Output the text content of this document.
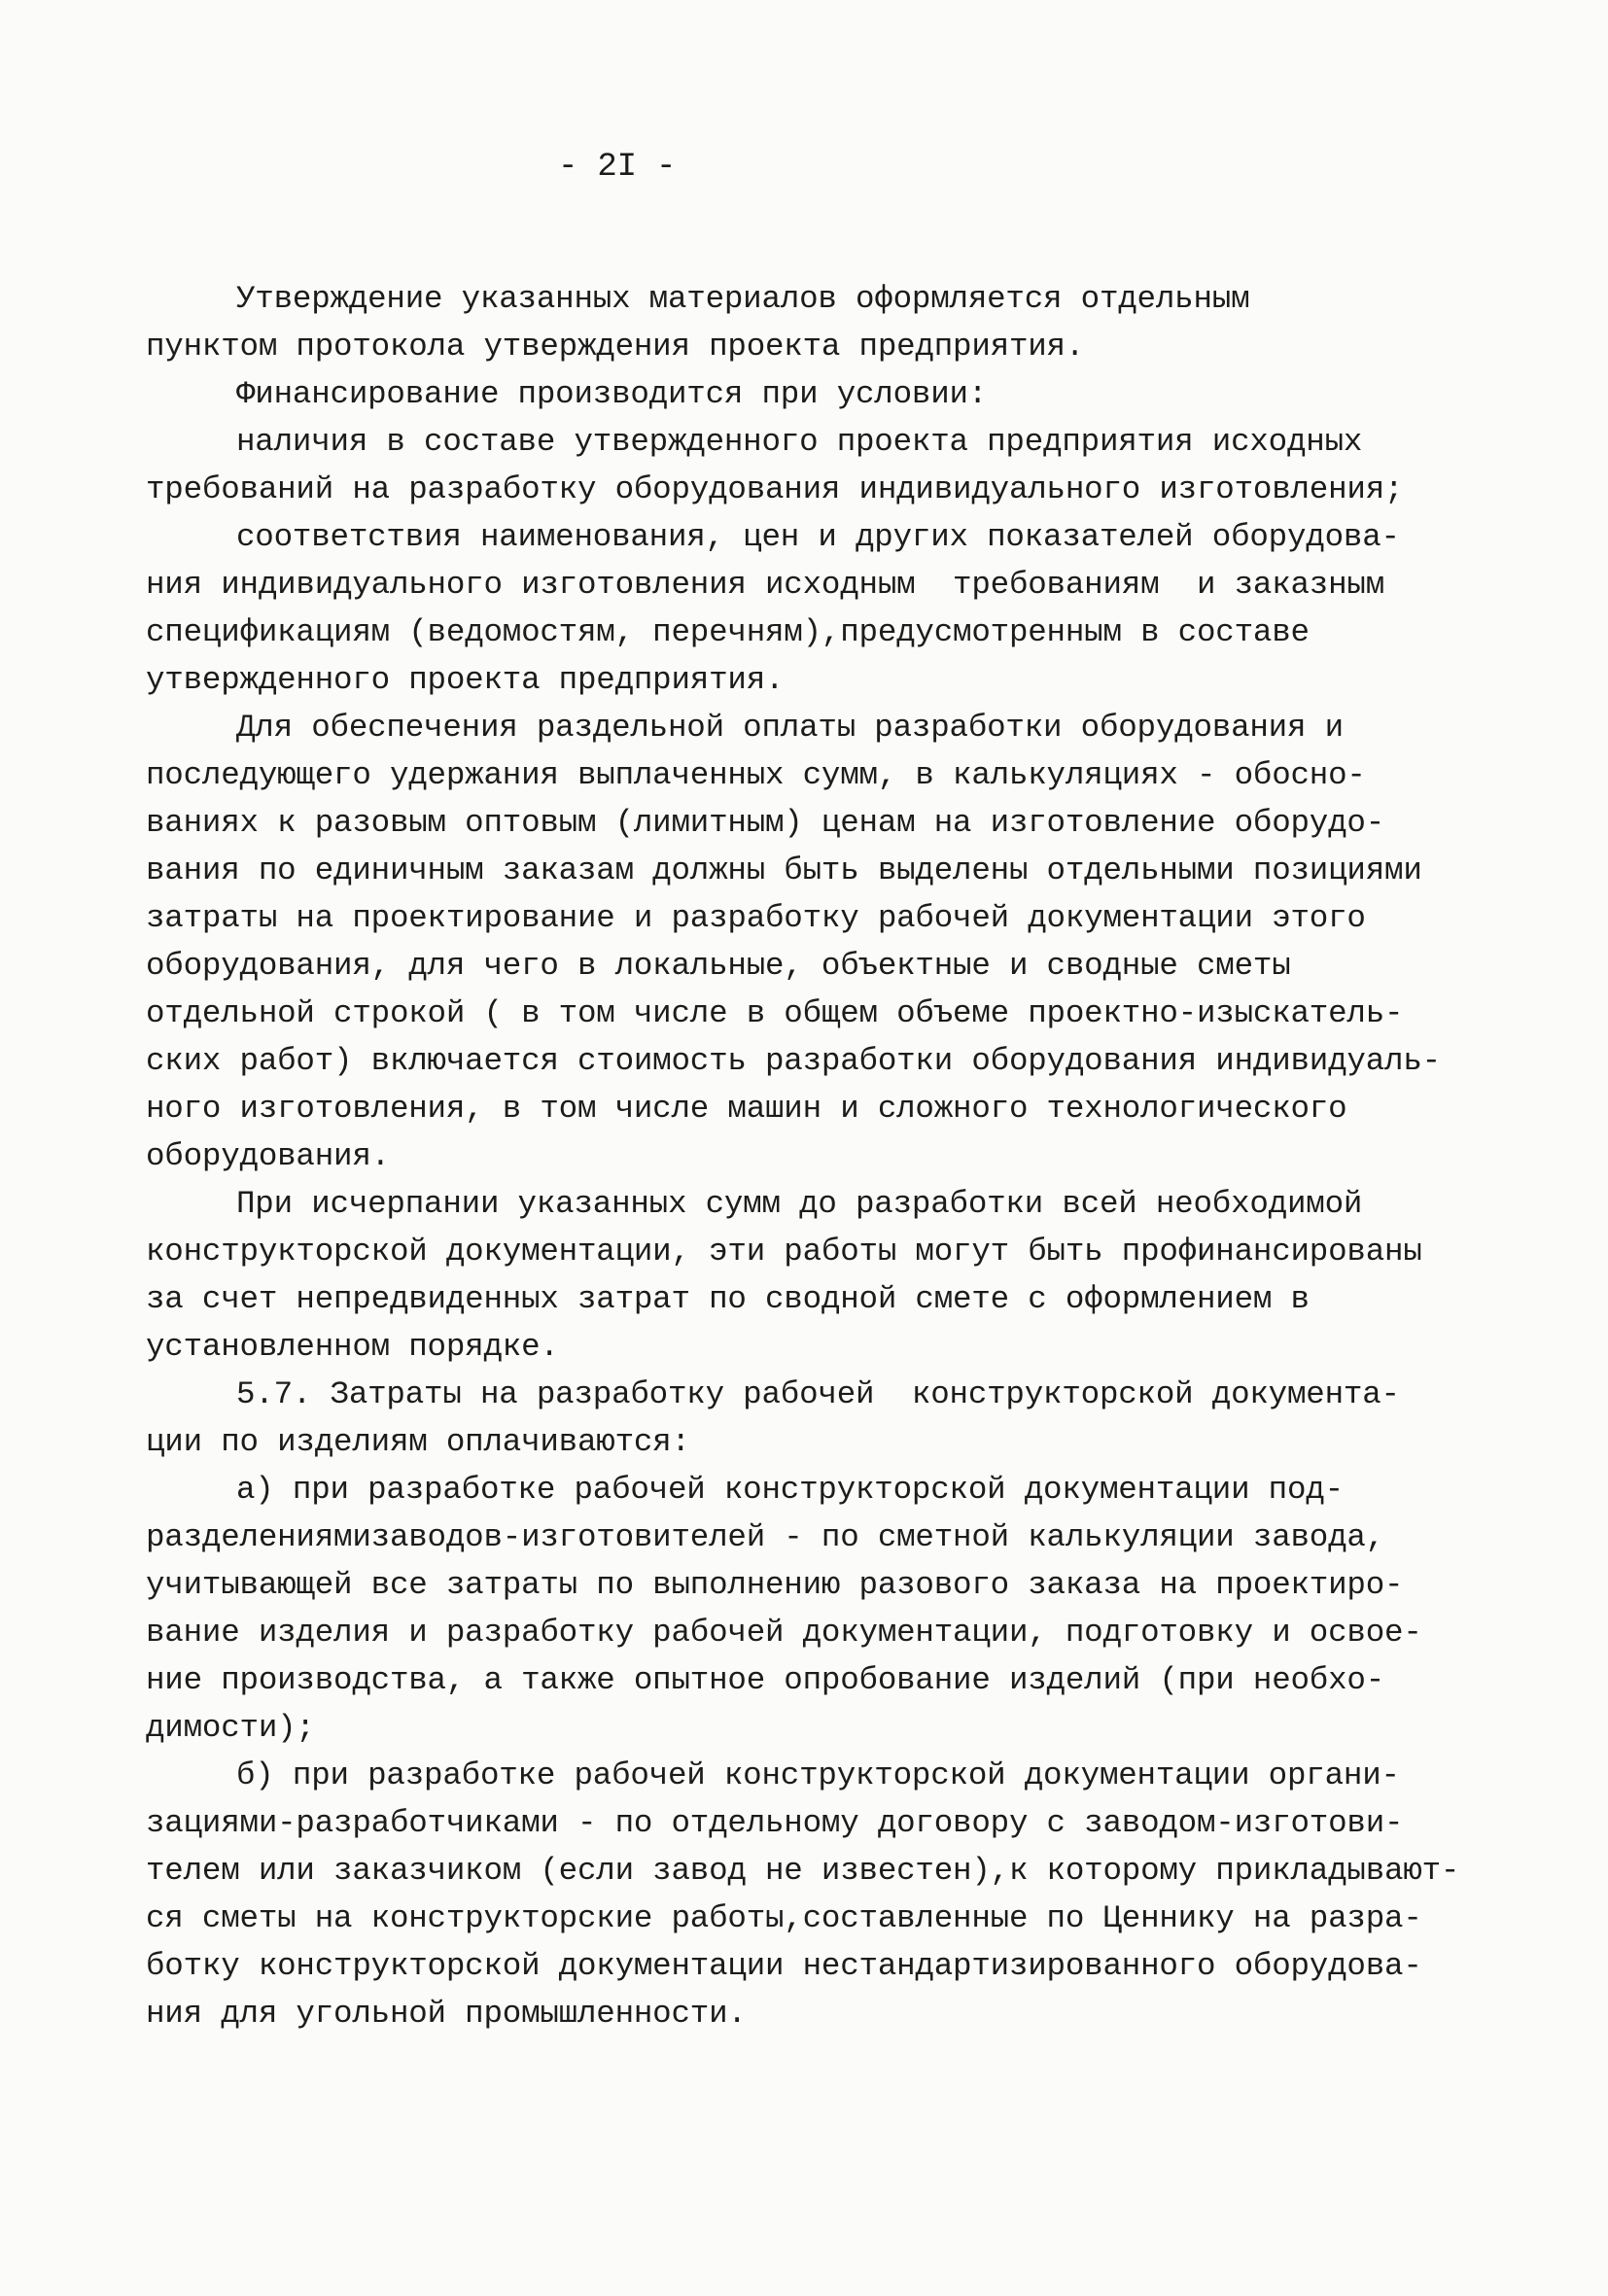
- 2I -
Утверждение указанных материалов оформляется отдельным
пунктом протокола утверждения проекта предприятия.
Финансирование производится при условии:
наличия в составе утвержденного проекта предприятия исходных
требований на разработку оборудования индивидуального изготовления;
соответствия наименования, цен и других показателей оборудова-
ния индивидуального изготовления исходным  требованиям  и заказным
спецификациям (ведомостям, перечням),предусмотренным в составе
утвержденного проекта предприятия.
Для обеспечения раздельной оплаты разработки оборудования и
последующего удержания выплаченных сумм, в калькуляциях - обосно-
ваниях к разовым оптовым (лимитным) ценам на изготовление оборудо-
вания по единичным заказам должны быть выделены отдельными позициями
затраты на проектирование и разработку рабочей документации этого
оборудования, для чего в локальные, объектные и сводные сметы
отдельной строкой ( в том числе в общем объеме проектно-изыскатель-
ских работ) включается стоимость разработки оборудования индивидуаль-
ного изготовления, в том числе машин и сложного технологического
оборудования.
При исчерпании указанных сумм до разработки всей необходимой
конструкторской документации, эти работы могут быть профинансированы
за счет непредвиденных затрат по сводной смете с оформлением в
установленном порядке.
5.7. Затраты на разработку рабочей  конструкторской документа-
ции по изделиям оплачиваются:
а) при разработке рабочей конструкторской документации под-
разделениямизаводов-изготовителей - по сметной калькуляции завода,
учитывающей все затраты по выполнению разового заказа на проектиро-
вание изделия и разработку рабочей документации, подготовку и освое-
ние производства, а также опытное опробование изделий (при необхо-
димости);
б) при разработке рабочей конструкторской документации органи-
зациями-разработчиками - по отдельному договору с заводом-изготови-
телем или заказчиком (если завод не известен),к которому прикладывают-
ся сметы на конструкторские работы,составленные по Ценнику на разра-
ботку конструкторской документации нестандартизированного оборудова-
ния для угольной промышленности.
